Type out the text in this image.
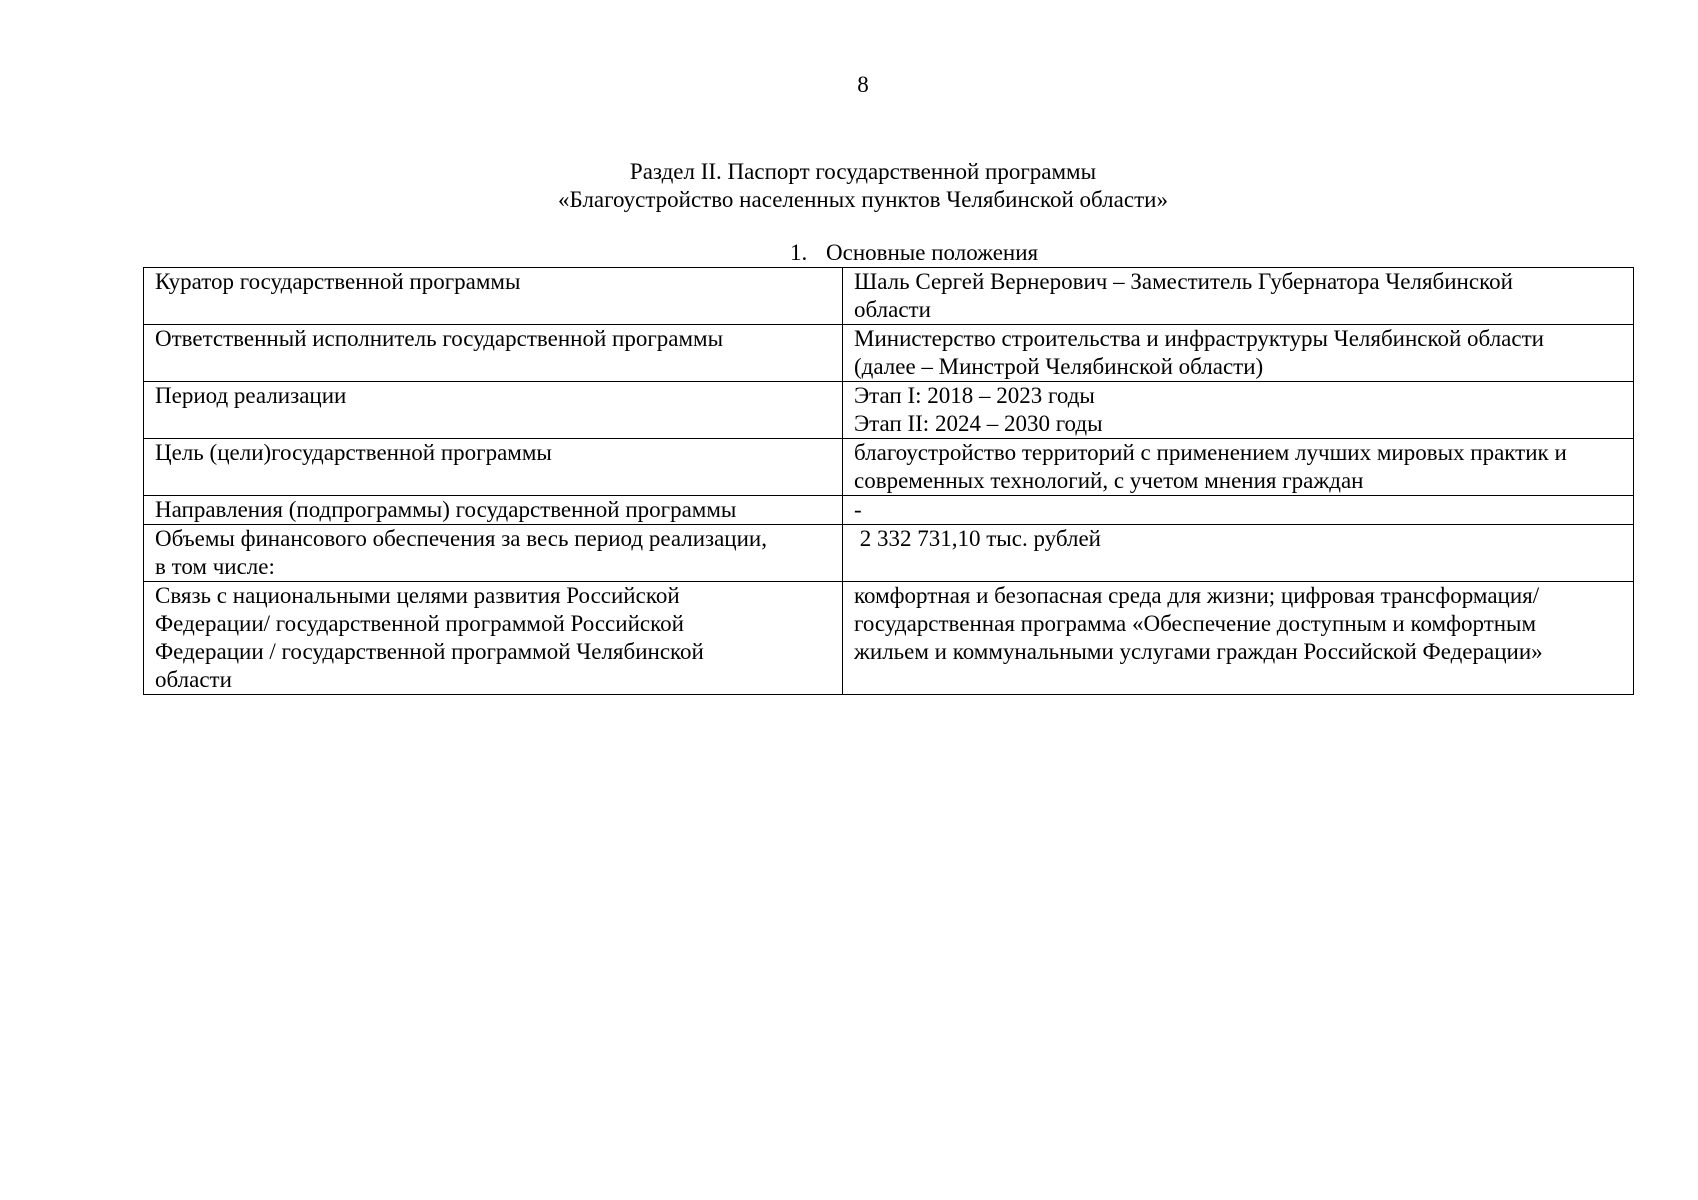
8
Раздел II. Паспорт государственной программы
«Благоустройство населенных пунктов Челябинской области»
1. Основные положения
Куратор государственной программы	Шаль Сергей Вернерович – Заместитель Губернатора Челябинской
области

Ответственный исполнитель государственной программы	Министерство строительства и инфраструктуры Челябинской области
(далее – Минстрой Челябинской области)

Период реализации	Этап I: 2018 – 2023 годы
Этап II: 2024 – 2030 годы

Цель (цели)государственной программы	благоустройство территорий с применением лучших мировых практик и
современных технологий, с учетом мнения граждан

Направления (подпрограммы) государственной программы	-

Объемы финансового обеспечения за весь период реализации,
в том числе:	2 332 731,10 тыс. рублей

Связь с национальными целями развития Российской
Федерации/ государственной программой Российской
Федерации / государственной программой Челябинской
области	комфортная и безопасная среда для жизни; цифровая трансформация/
государственная программа «Обеспечение доступным и комфортным
жильем и коммунальными услугами граждан Российской Федерации»
